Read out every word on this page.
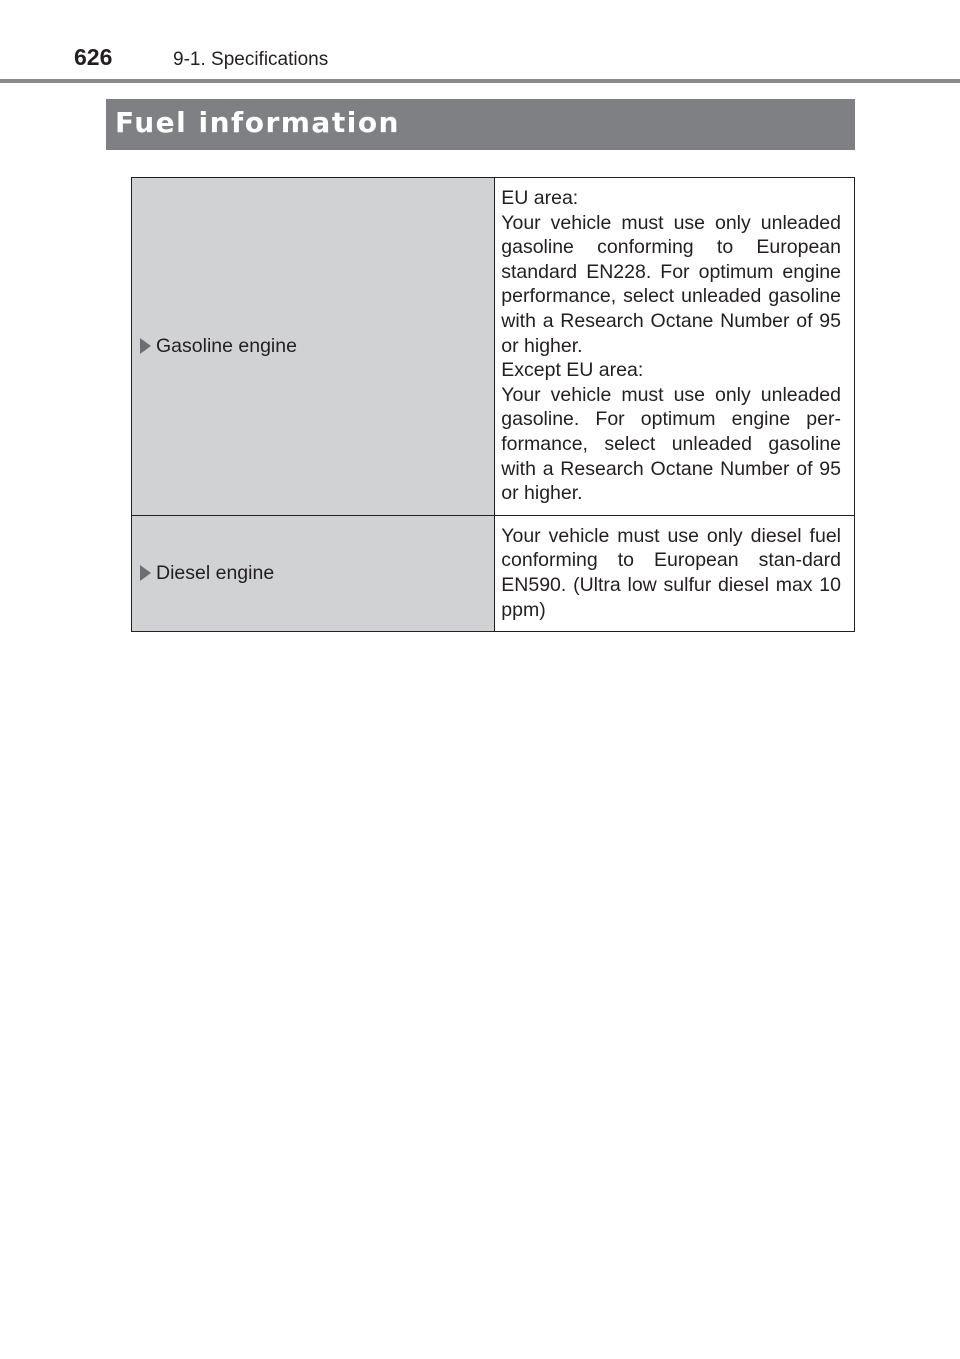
626	9-1. Specifications
Fuel information
Gasoline engine	EU area:
Your vehicle must use only unleaded gasoline conforming to European standard EN228. For optimum engine performance, select unleaded gasoline with a Research Octane Number of 95 or higher.
Except EU area:
Your vehicle must use only unleaded gasoline. For optimum engine per-formance, select unleaded gasoline with a Research Octane Number of 95 or higher.

Diesel engine	Your vehicle must use only diesel fuel conforming to European stan-dard EN590. (Ultra low sulfur diesel max 10 ppm)
